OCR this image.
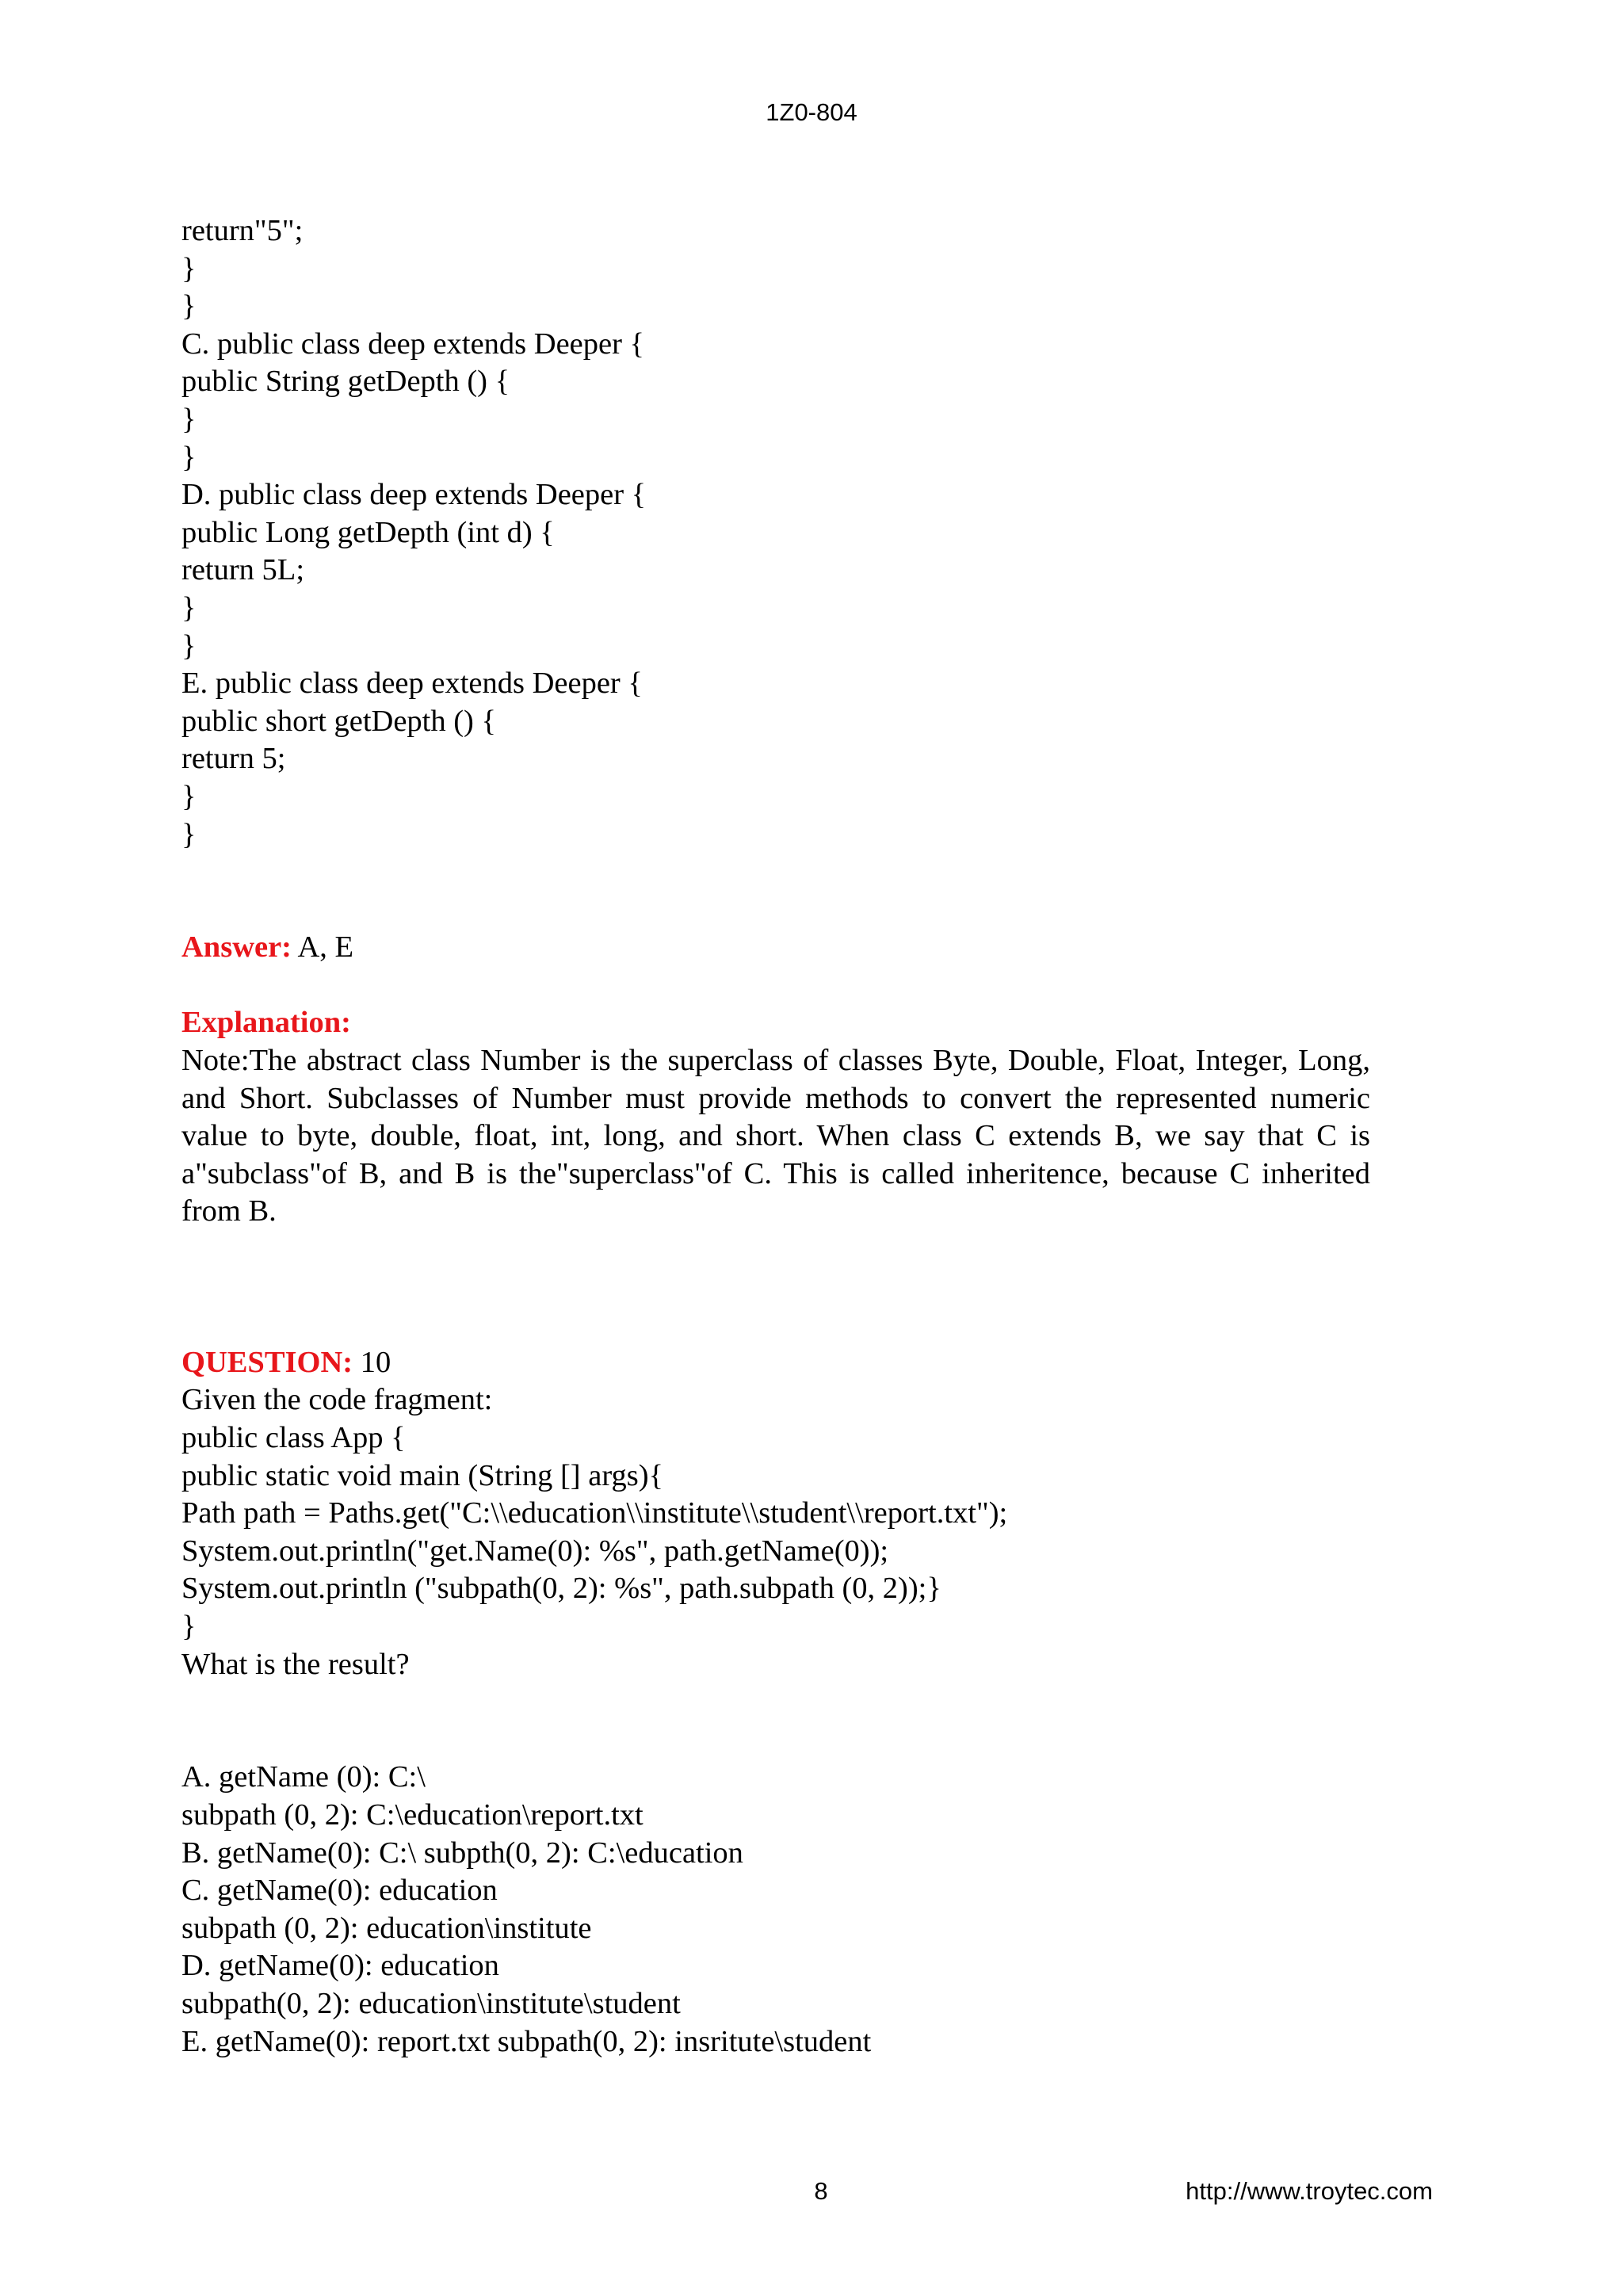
1Z0-804
return"5";
}
}
C. public class deep extends Deeper {
public String getDepth () {
}
}
D. public class deep extends Deeper {
public Long getDepth (int d) {
return 5L;
}
}
E. public class deep extends Deeper {
public short getDepth () {
return 5;
}
}
Answer: A, E
Explanation:
Note:The abstract class Number is the superclass of classes Byte, Double, Float, Integer, Long, and Short. Subclasses of Number must provide methods to convert the represented numeric value to byte, double, float, int, long, and short. When class C extends B, we say that C is a"subclass"of B, and B is the"superclass"of C. This is called inheritence, because C inherited from B.
QUESTION: 10
Given the code fragment:
public class App {
public static void main (String [] args){
Path path = Paths.get("C:\\education\\institute\\student\\report.txt");
System.out.println("get.Name(0): %s", path.getName(0));
System.out.println ("subpath(0, 2): %s", path.subpath (0, 2));}
}
What is the result?
A. getName (0): C:\
subpath (0, 2): C:\education\report.txt
B. getName(0): C:\ subpth(0, 2): C:\education
C. getName(0): education
subpath (0, 2): education\institute
D. getName(0): education
subpath(0, 2): education\institute\student
E. getName(0): report.txt subpath(0, 2): insritute\student
8	http://www.troytec.com
